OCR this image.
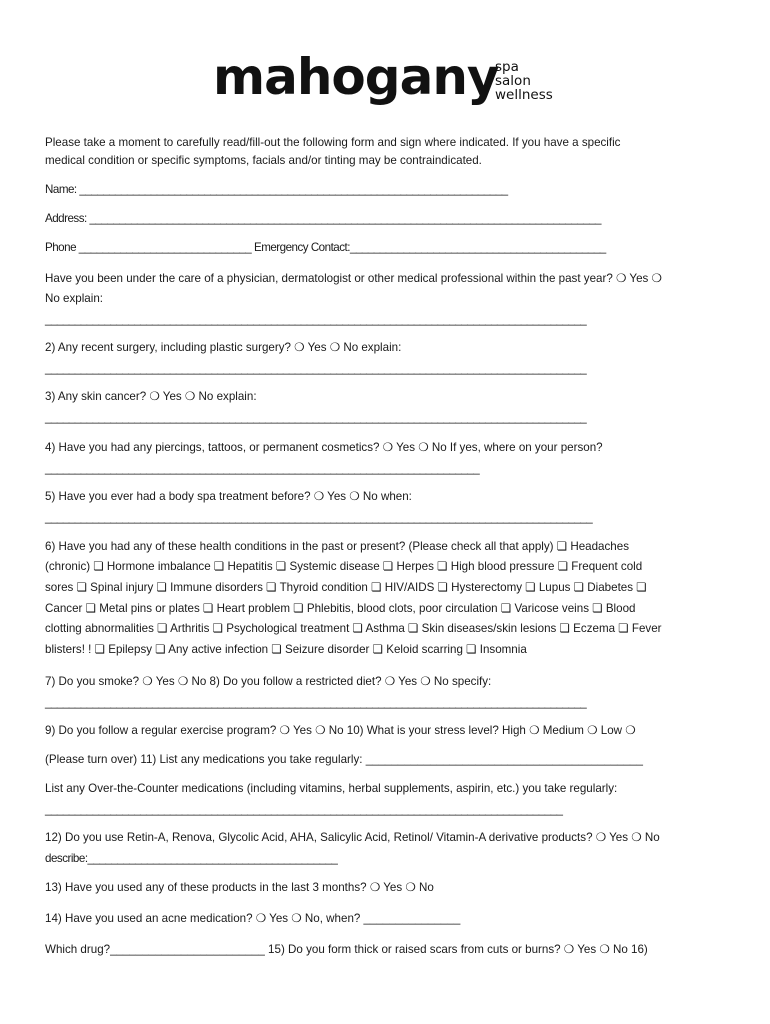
mahogany
spa
salon
wellness
Please take a moment to carefully read/fill-out the following form and sign where indicated. If you have a specific
medical condition or specific symptoms, facials and/or tinting may be contraindicated.
Name: ________________________________________________________________________
Address: ______________________________________________________________________________________
Phone _____________________________ Emergency Contact:___________________________________________
Have you been under the care of a physician, dermatologist or other medical professional within the past year? ❍ Yes ❍
No explain:
___________________________________________________________________________________________
2) Any recent surgery, including plastic surgery? ❍ Yes ❍ No explain:
___________________________________________________________________________________________
3) Any skin cancer? ❍ Yes ❍ No explain:
___________________________________________________________________________________________
4) Have you had any piercings, tattoos, or permanent cosmetics? ❍ Yes ❍ No If yes, where on your person?
_________________________________________________________________________
5) Have you ever had a body spa treatment before? ❍ Yes ❍ No when:
____________________________________________________________________________________________
6) Have you had any of these health conditions in the past or present? (Please check all that apply) ❏ Headaches
(chronic) ❏ Hormone imbalance ❏ Hepatitis ❏ Systemic disease ❏ Herpes ❏ High blood pressure ❏ Frequent cold
sores ❏ Spinal injury ❏ Immune disorders ❏ Thyroid condition ❏ HIV/AIDS ❏ Hysterectomy ❏ Lupus ❏ Diabetes ❏
Cancer ❏ Metal pins or plates ❏ Heart problem ❏ Phlebitis, blood clots, poor circulation ❏ Varicose veins ❏ Blood
clotting abnormalities ❏ Arthritis ❏ Psychological treatment ❏ Asthma ❏ Skin diseases/skin lesions ❏ Eczema ❏ Fever
blisters! ! ❏ Epilepsy ❏ Any active infection ❏ Seizure disorder ❏ Keloid scarring ❏ Insomnia
7) Do you smoke? ❍ Yes ❍ No 8) Do you follow a restricted diet? ❍ Yes ❍ No specify:
___________________________________________________________________________________________
9) Do you follow a regular exercise program? ❍ Yes ❍ No 10) What is your stress level? High ❍ Medium ❍ Low ❍
(Please turn over) 11) List any medications you take regularly: ___________________________________________
List any Over-the-Counter medications (including vitamins, herbal supplements, aspirin, etc.) you take regularly:
_______________________________________________________________________________________
12) Do you use Retin-A, Renova, Glycolic Acid, AHA, Salicylic Acid, Retinol/ Vitamin-A derivative products? ❍ Yes ❍ No
describe:__________________________________________
13) Have you used any of these products in the last 3 months? ❍ Yes ❍ No
14) Have you used an acne medication? ❍ Yes ❍ No, when? _______________
Which drug?________________________ 15) Do you form thick or raised scars from cuts or burns? ❍ Yes ❍ No 16)
